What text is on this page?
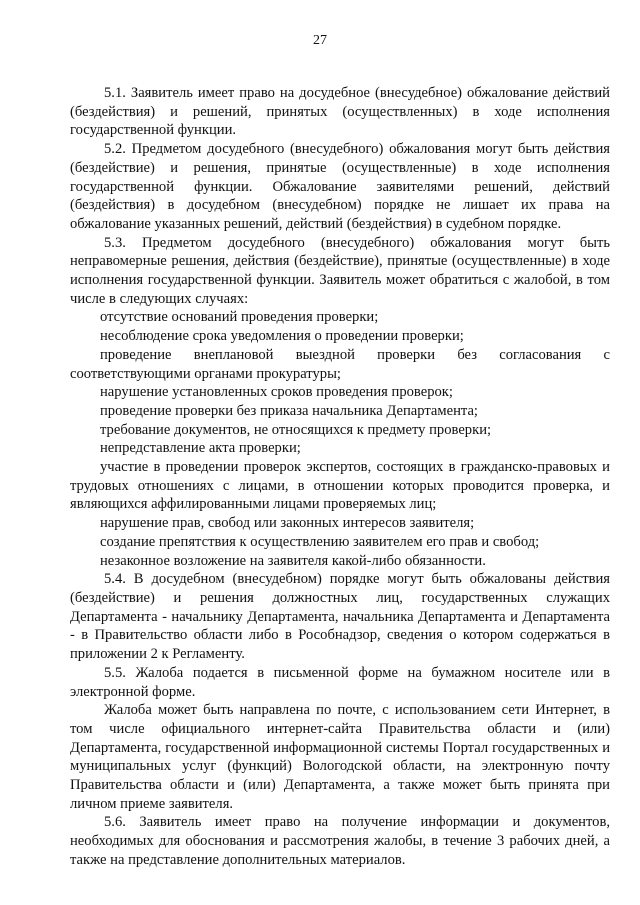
27

5.1. Заявитель имеет право на досудебное (внесудебное) обжалование действий (бездействия) и решений, принятых (осуществленных) в ходе исполнения государственной функции.

5.2. Предметом досудебного (внесудебного) обжалования могут быть действия (бездействие) и решения, принятые (осуществленные) в ходе исполнения государственной функции. Обжалование заявителями решений, действий (бездействия) в досудебном (внесудебном) порядке не лишает их права на обжалование указанных решений, действий (бездействия) в судебном порядке.

5.3. Предметом досудебного (внесудебного) обжалования могут быть неправомерные решения, действия (бездействие), принятые (осуществленные) в ходе исполнения государственной функции. Заявитель может обратиться с жалобой, в том числе в следующих случаях:

отсутствие оснований проведения проверки;

несоблюдение срока уведомления о проведении проверки;

проведение внеплановой выездной проверки без согласования с соответствующими органами прокуратуры;

нарушение установленных сроков проведения проверок;

проведение проверки без приказа начальника Департамента;

требование документов, не относящихся к предмету проверки;

непредставление акта проверки;

участие в проведении проверок экспертов, состоящих в гражданско-правовых и трудовых отношениях с лицами, в отношении которых проводится проверка, и являющихся аффилированными лицами проверяемых лиц;

нарушение прав, свобод или законных интересов заявителя;

создание препятствия к осуществлению заявителем его прав и свобод;

незаконное возложение на заявителя какой-либо обязанности.

5.4. В досудебном (внесудебном) порядке могут быть обжалованы действия (бездействие) и решения должностных лиц, государственных служащих Департамента - начальнику Департамента, начальника Департамента и Департамента - в Правительство области либо в Рособнадзор, сведения о котором содержаться в приложении 2 к Регламенту.

5.5. Жалоба подается в письменной форме на бумажном носителе или в электронной форме.

Жалоба может быть направлена по почте, с использованием сети Интернет, в том числе официального интернет-сайта Правительства области и (или) Департамента, государственной информационной системы Портал государственных и муниципальных услуг (функций) Вологодской области, на электронную почту Правительства области и (или) Департамента, а также может быть принята при личном приеме заявителя.

5.6. Заявитель имеет право на получение информации и документов, необходимых для обоснования и рассмотрения жалобы, в течение 3 рабочих дней, а также на представление дополнительных материалов.
